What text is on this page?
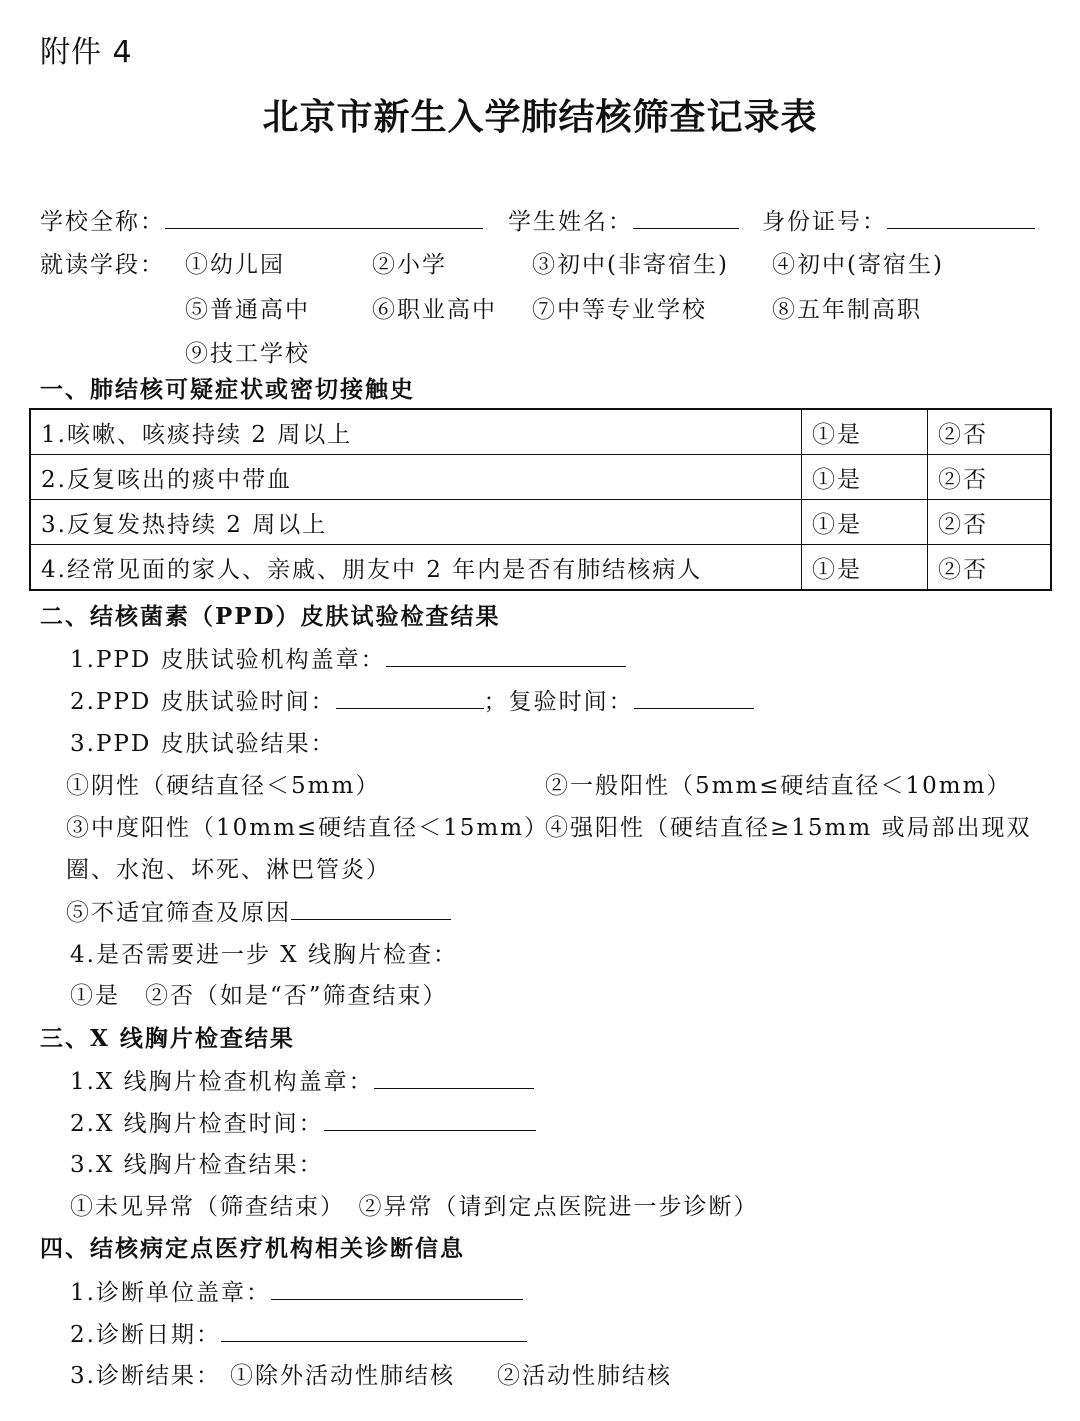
附件 4
北京市新生入学肺结核筛查记录表
学校全称：	学生姓名：	身份证号：
就读学段： ①幼儿园	②小学	③初中(非寄宿生) ④初中(寄宿生)
⑤普通高中	⑥职业高中 ⑦中等专业学校	⑧五年制高职
⑨技工学校
一、肺结核可疑症状或密切接触史
1.咳嗽、咳痰持续 2 周以上	①是	②否
2.反复咳出的痰中带血	①是	②否
3.反复发热持续 2 周以上	①是	②否
4.经常见面的家人、亲戚、朋友中 2 年内是否有肺结核病人	①是	②否
二、结核菌素（PPD）皮肤试验检查结果
1.PPD 皮肤试验机构盖章：
2.PPD 皮肤试验时间：	；复验时间：
3.PPD 皮肤试验结果：
①阴性（硬结直径＜5mm）	②一般阳性（5mm≤硬结直径＜10mm）
③中度阳性（10mm≤硬结直径＜15mm）
④强阳性（硬结直径≥15mm 或局部出现双
圈、水泡、坏死、淋巴管炎）
⑤不适宜筛查及原因
4.是否需要进一步 X 线胸片检查：
①是　②否（如是“否”筛查结束）
三、X 线胸片检查结果
1.X 线胸片检查机构盖章：
2.X 线胸片检查时间：
3.X 线胸片检查结果：
①未见异常（筛查结束）　②异常（请到定点医院进一步诊断）
四、结核病定点医疗机构相关诊断信息
1.诊断单位盖章：
2.诊断日期：
3.诊断结果： ①除外活动性肺结核 ②活动性肺结核
